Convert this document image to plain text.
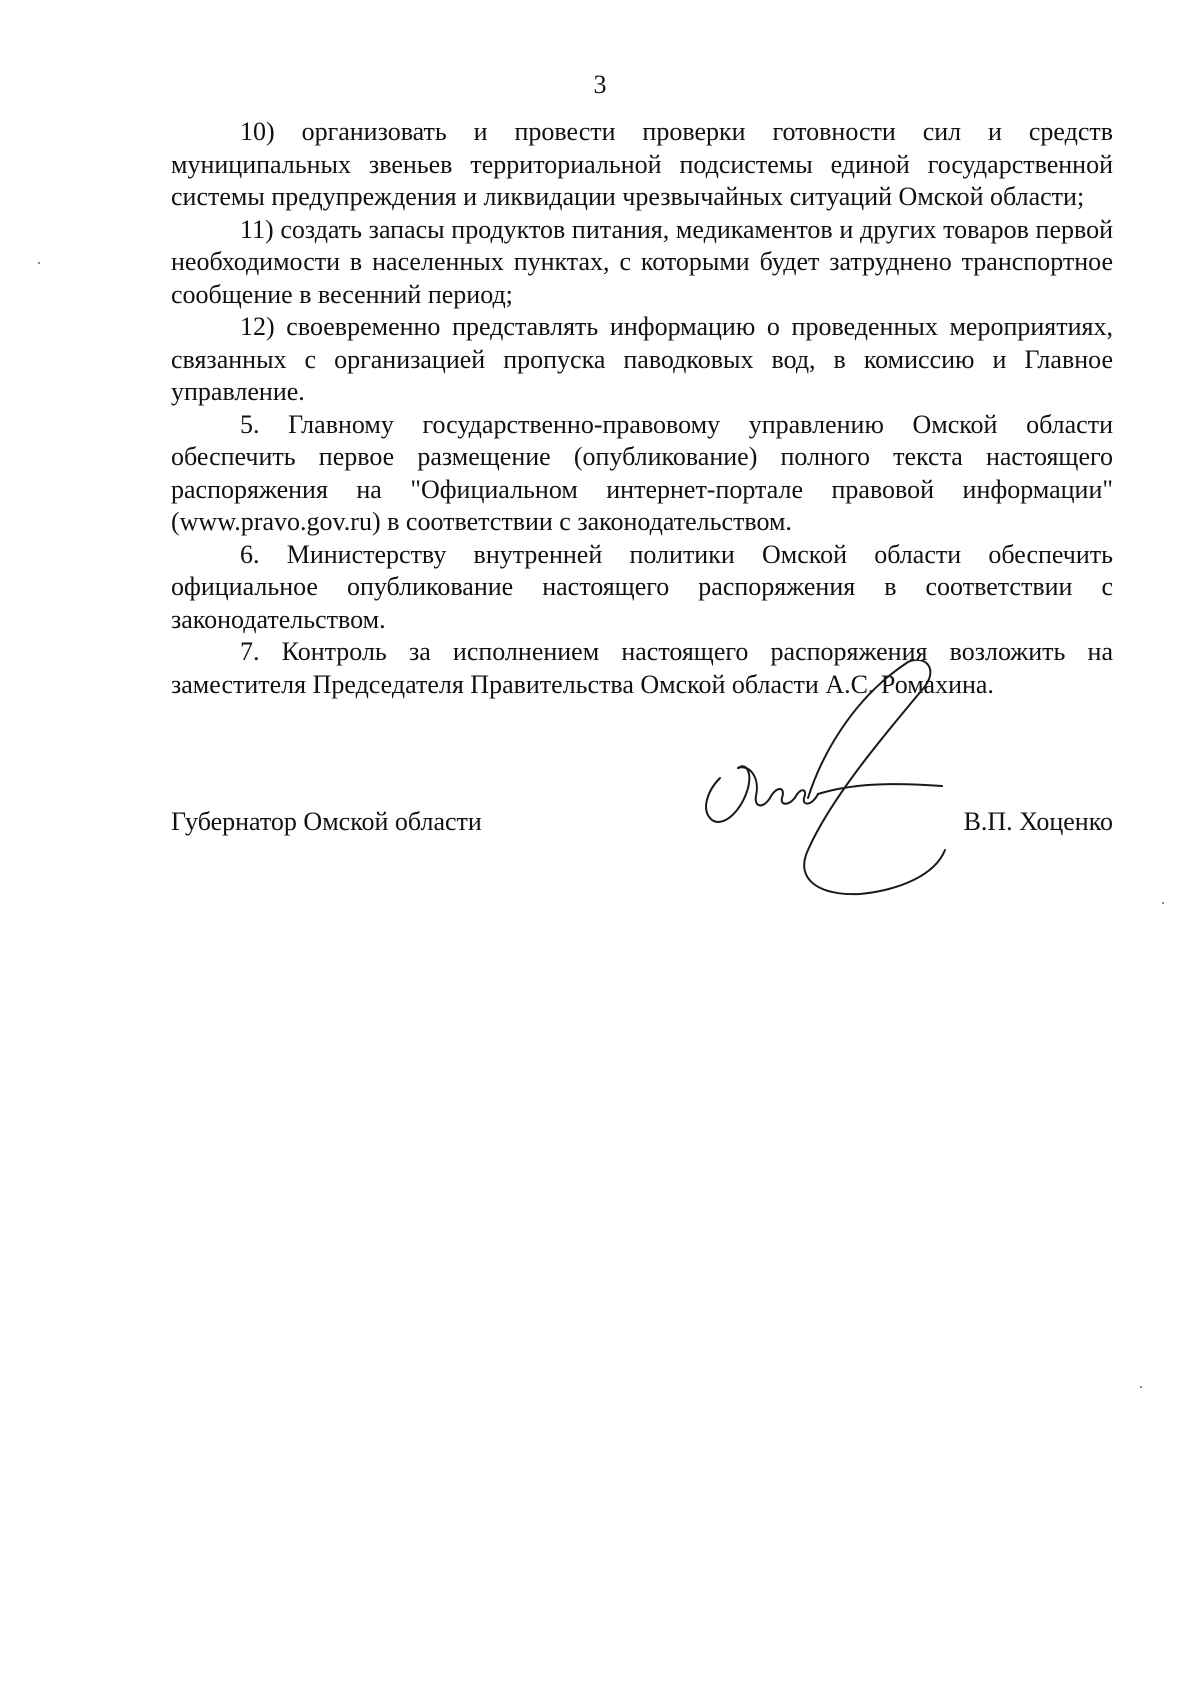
3

10) организовать и провести проверки готовности сил и средств муниципальных звеньев территориальной подсистемы единой государственной системы предупреждения и ликвидации чрезвычайных ситуаций Омской области;

11) создать запасы продуктов питания, медикаментов и других товаров первой необходимости в населенных пунктах, с которыми будет затруднено транспортное сообщение в весенний период;

12) своевременно представлять информацию о проведенных мероприятиях, связанных с организацией пропуска паводковых вод, в комиссию и Главное управление.

5. Главному государственно-правовому управлению Омской области обеспечить первое размещение (опубликование) полного текста настоящего распоряжения на "Официальном интернет-портале правовой информации" (www.pravo.gov.ru) в соответствии с законодательством.

6. Министерству внутренней политики Омской области обеспечить официальное опубликование настоящего распоряжения в соответствии с законодательством.

7. Контроль за исполнением настоящего распоряжения возложить на заместителя Председателя Правительства Омской области А.С. Ромахина.

Губернатор Омской области	В.П. Хоценко
